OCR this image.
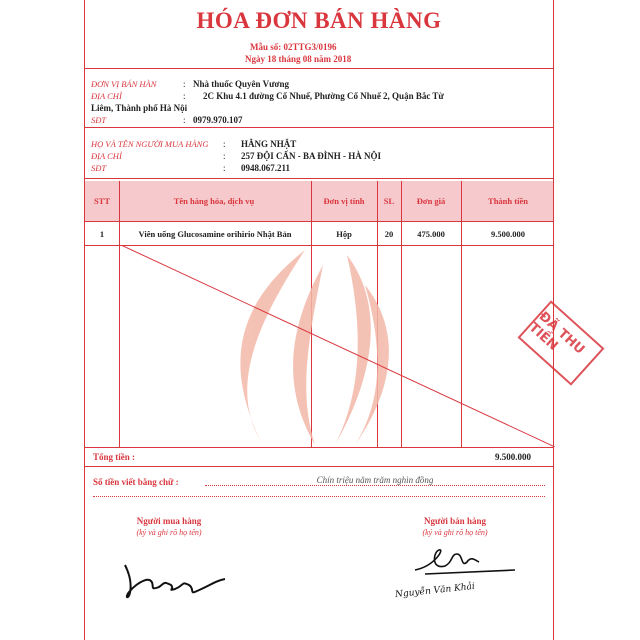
HÓA ĐƠN BÁN HÀNG
Mẫu số: 02TTG3/0196
Ngày 18 tháng 08 năm 2018
ĐƠN VỊ BÁN HÀN	: Nhà thuốc Quyên Vương
ĐỊA CHỈ	: 2C Khu 4.1 đường Cổ Nhuế, Phường Cổ Nhuế 2, Quận Bắc Từ
Liêm, Thành phố Hà Nội
SĐT	: 0979.970.107
HỌ VÀ TÊN NGƯỜI MUA HÀNG : HẰNG NHẬT
ĐỊA CHỈ	: 257 ĐỘI CẤN - BA ĐÌNH - HÀ NỘI
SĐT	: 0948.067.211
STT	Tên hàng hóa, dịch vụ	Đơn vị tính	SL	Đơn giá	Thành tiền
1	Viên uống Glucosamine orihirio Nhật Bản	Hộp	20	475.000	9.500.000
ĐÃ THU TIỀN
Tổng tiền :	9.500.000
Số tiền viết bằng chữ :	Chín triệu năm trăm nghìn đồng
Người mua hàng
(ký và ghi rõ họ tên)
Người bán hàng
(ký và ghi rõ họ tên)
Nguyễn Văn Khải
